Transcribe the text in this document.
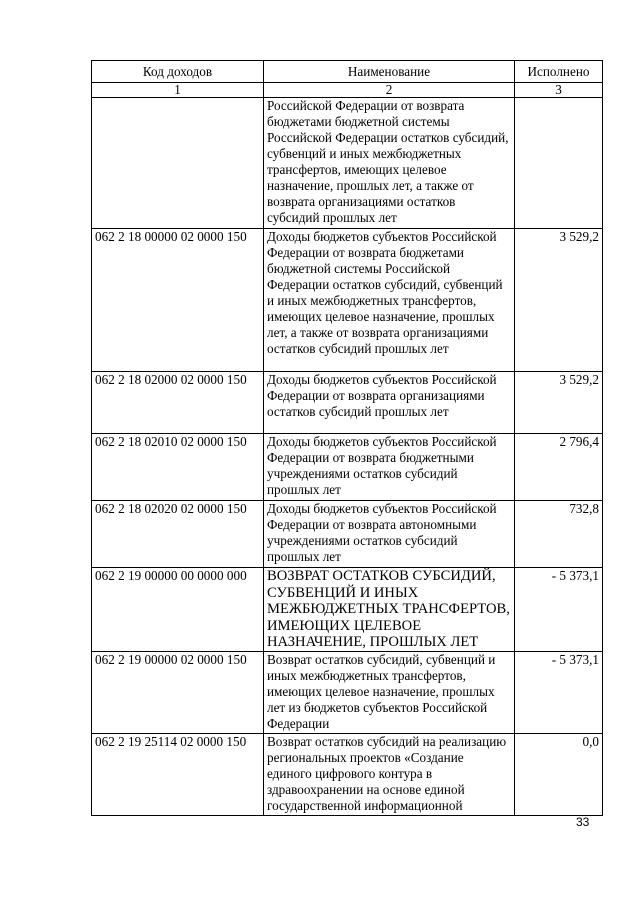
Код доходов	Наименование	Исполнено
1	2	3
	Российской Федерации от возврата бюджетами бюджетной системы Российской Федерации остатков субсидий, субвенций и иных межбюджетных трансфертов, имеющих целевое назначение, прошлых лет, а также от возврата организациями остатков субсидий прошлых лет	
062 2 18 00000 02 0000 150	Доходы бюджетов субъектов Российской Федерации от возврата бюджетами бюджетной системы Российской Федерации остатков субсидий, субвенций и иных межбюджетных трансфертов, имеющих целевое назначение, прошлых лет, а также от возврата организациями остатков субсидий прошлых лет	3 529,2
062 2 18 02000 02 0000 150	Доходы бюджетов субъектов Российской Федерации от возврата организациями остатков субсидий прошлых лет	3 529,2
062 2 18 02010 02 0000 150	Доходы бюджетов субъектов Российской Федерации от возврата бюджетными учреждениями остатков субсидий прошлых лет	2 796,4
062 2 18 02020 02 0000 150	Доходы бюджетов субъектов Российской Федерации от возврата автономными учреждениями остатков субсидий прошлых лет	732,8
062 2 19 00000 00 0000 000	ВОЗВРАТ ОСТАТКОВ СУБСИДИЙ, СУБВЕНЦИЙ И ИНЫХ МЕЖБЮДЖЕТНЫХ ТРАНСФЕРТОВ, ИМЕЮЩИХ ЦЕЛЕВОЕ НАЗНАЧЕНИЕ, ПРОШЛЫХ ЛЕТ	- 5 373,1
062 2 19 00000 02 0000 150	Возврат остатков субсидий, субвенций и иных межбюджетных трансфертов, имеющих целевое назначение, прошлых лет из бюджетов субъектов Российской Федерации	- 5 373,1
062 2 19 25114 02 0000 150	Возврат остатков субсидий на реализацию региональных проектов «Создание единого цифрового контура в здравоохранении на основе единой государственной информационной	0,0
33
